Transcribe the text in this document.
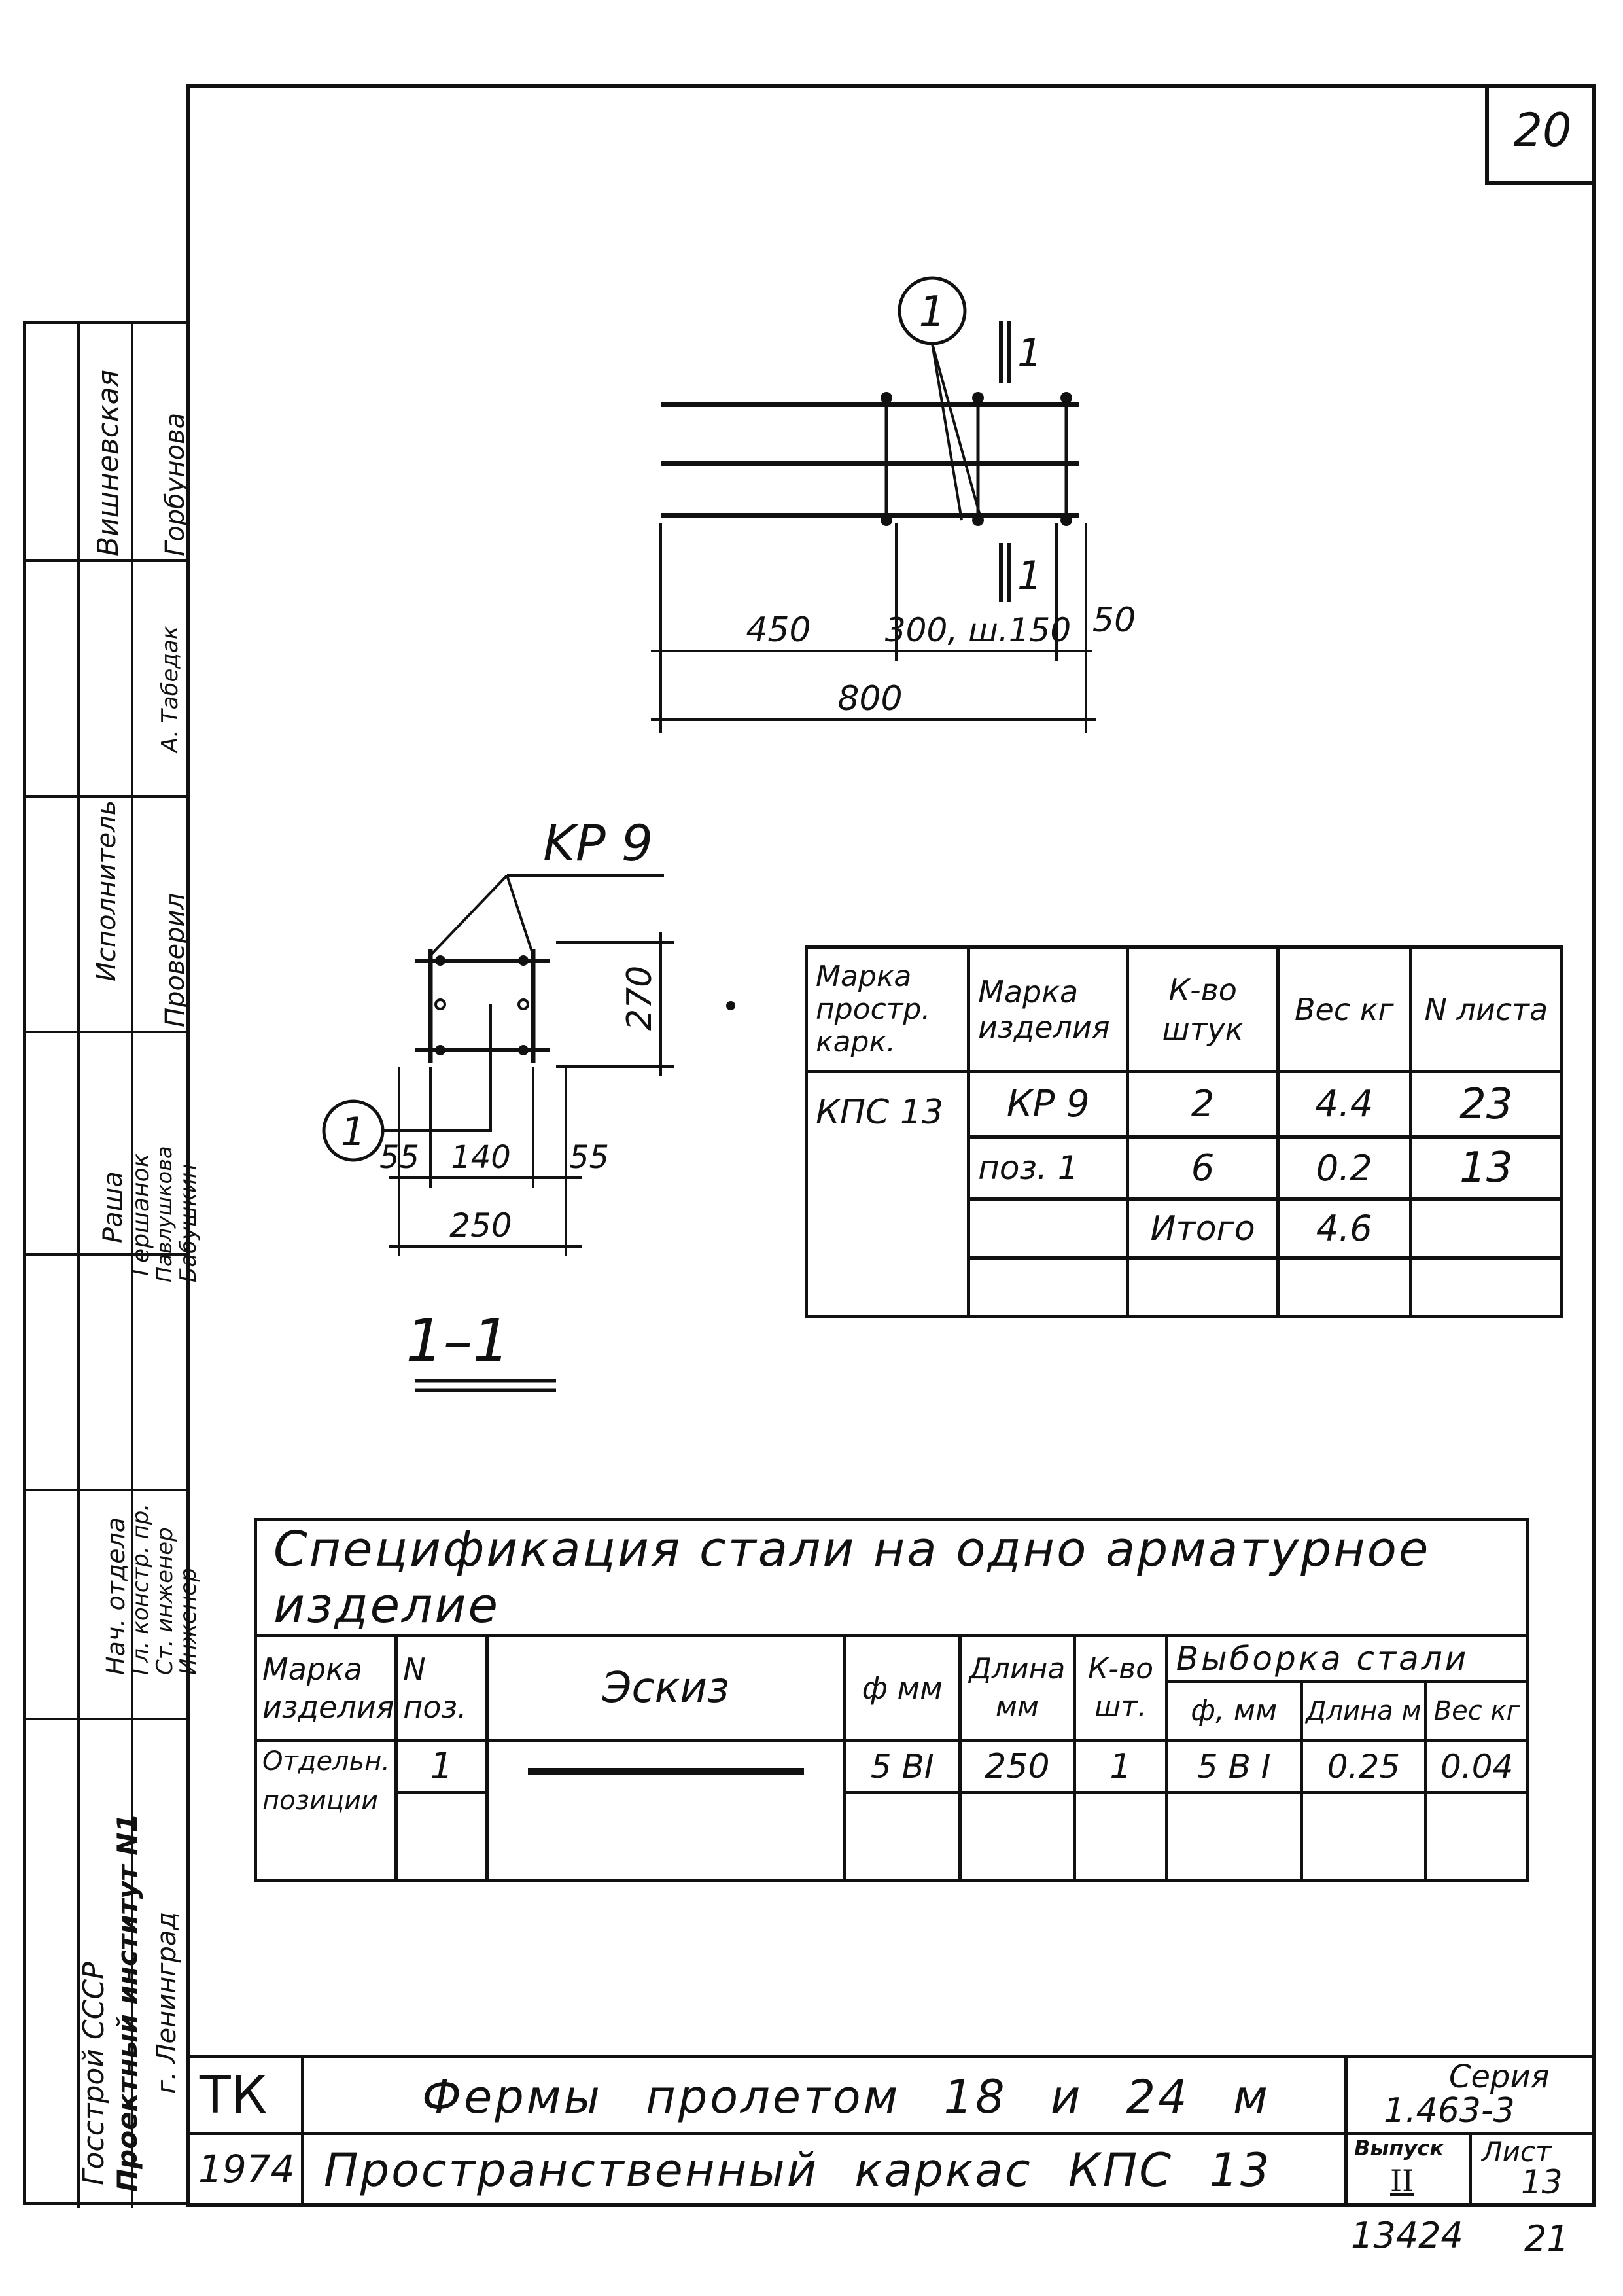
20
Госстрой СССР Проектный институт N1 г. Ленинград
Нач. отдела
Гл. констр. пр.
Ст. инженер
Инженер
Раша Гершанок
Павлушкова
Бабушкин
Исполнитель Проверил
Вишневская
А. Табедак
Горбунова
1
1
1
450 300, ш.150 50
800
KP 9
270
1
55 140 55
250
1–1
Марка простр. карк.	Марка изделия	К-во штук	Вес кг	N листа
КПС 13	КР 9	2	4.4	23
	поз. 1	6	0.2	13
		Итого	4.6	

Спецификация стали на одно арматурное изделие								
Марка изделия	N поз.	Эскиз	ф мм	Длина мм	К-во шт.	Выборка стали		
						ф, мм	Длина м	Вес кг
Отдельн. позиции	1		5 BI	250	1	5 B I	0.25	0.04

ТК
1974
Фермы пролетом 18 и 24 м
Пространственный каркас КПС 13
Серия
1.463-3
Выпуск
II
Лист
13
13424 21
